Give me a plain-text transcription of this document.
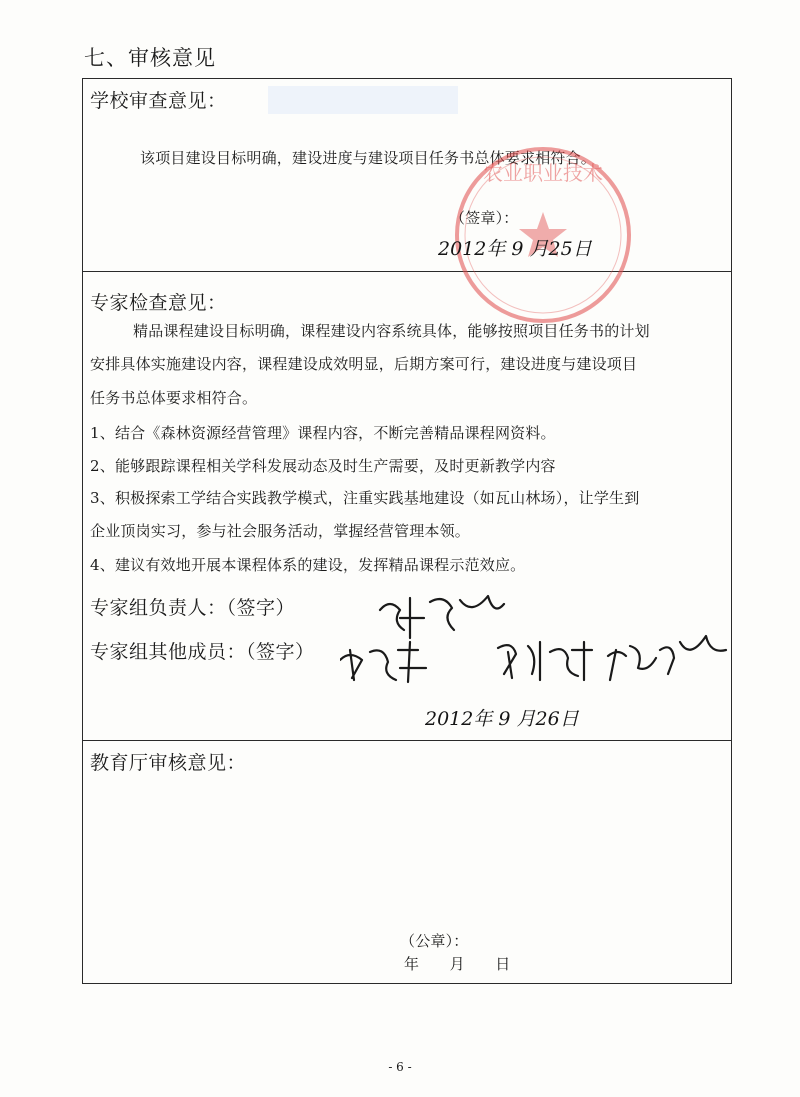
七、审核意见
学校审查意见：
该项目建设目标明确，建设进度与建设项目任务书总体要求相符合。
农业职业技术
（签章）：
2012年 9 月25日
专家检查意见：
精品课程建设目标明确，课程建设内容系统具体，能够按照项目任务书的计划
安排具体实施建设内容，课程建设成效明显，后期方案可行，建设进度与建设项目
任务书总体要求相符合。
1、结合《森林资源经营管理》课程内容，不断完善精品课程网资料。
2、能够跟踪课程相关学科发展动态及时生产需要，及时更新教学内容
3、积极探索工学结合实践教学模式，注重实践基地建设（如瓦山林场），让学生到
企业顶岗实习，参与社会服务活动，掌握经营管理本领。
4、建议有效地开展本课程体系的建设，发挥精品课程示范效应。
专家组负责人：（签字）
专家组其他成员：（签字）
2012年 9 月26日
教育厅审核意见：
（公章）：
年　　月　　日
- 6 -
